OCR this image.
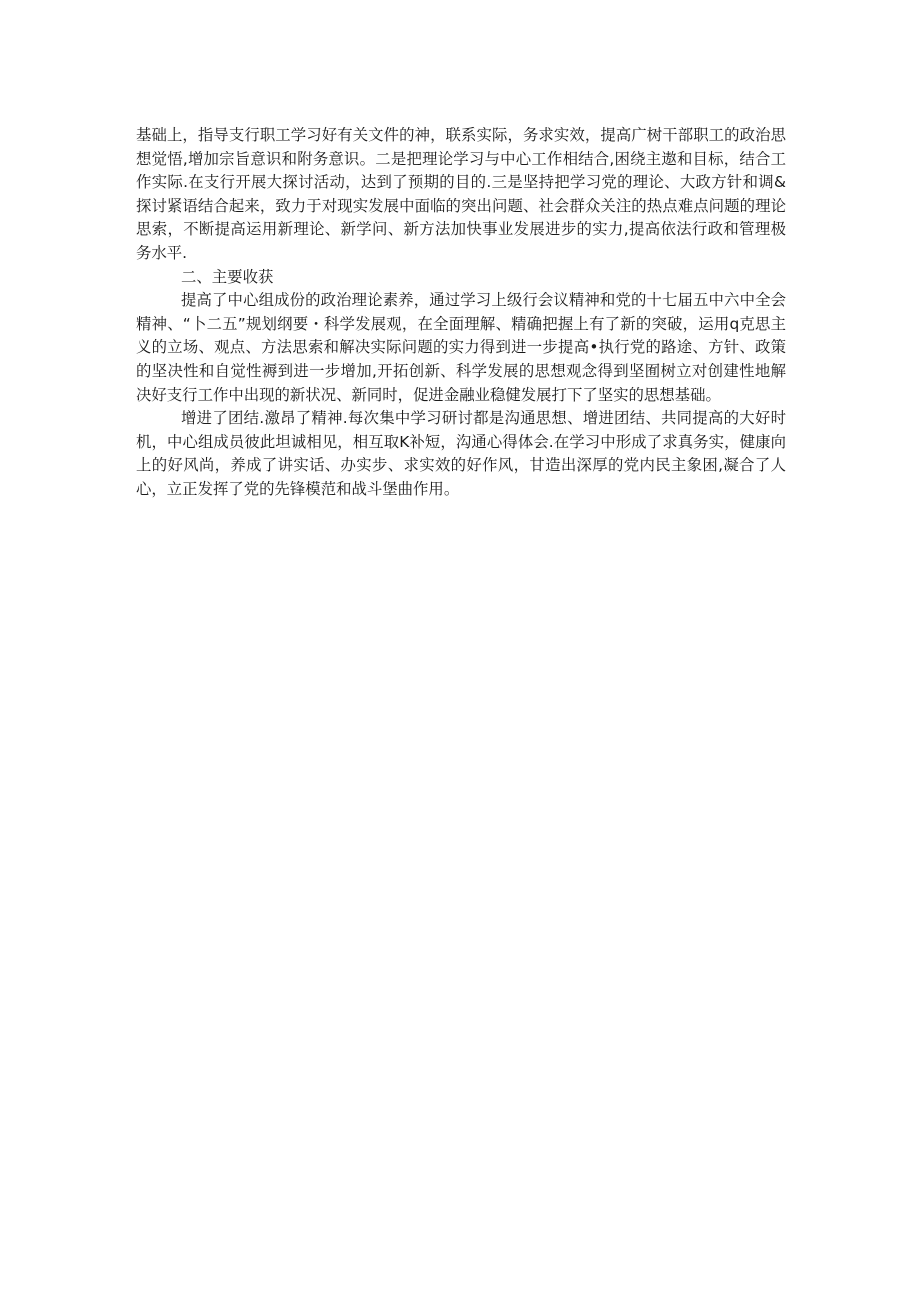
基础上，指导支行职工学习好有关文件的神，联系实际，务求实效，提高广树干部职工的政治思想觉悟,增加宗旨意识和附务意识。二是把理论学习与中心工作相结合,困绕主遨和目标，结合工作实际.在支行开展大探讨活动，达到了预期的目的.三是坚持把学习党的理论、大政方针和调&探讨紧语结合起来，致力于对现实发展中面临的突出问题、社会群众关注的热点难点问题的理论思索，不断提高运用新理论、新学问、新方法加快事业发展进步的实力,提高依法行政和管理极务水平.

二、主要收获

提高了中心组成份的政治理论素养，通过学习上级行会议精神和党的十七届五中六中全会精神、“卜二五”规划纲要・科学发展观，在全面理解、精确把握上有了新的突破，运用q克思主义的立场、观点、方法思索和解决实际问题的实力得到进一步提高•执行党的路途、方针、政策的坚决性和自觉性褥到进一步增加,开拓创新、科学发展的思想观念得到坚囿树立对创建性地解决好支行工作中出现的新状况、新同时，促进金融业稳健发展打下了坚实的思想基础。

增进了团结.激昂了精神.每次集中学习研讨都是沟通思想、增进团结、共同提高的大好时机，中心组成员彼此坦诚相见，相互取K补短，沟通心得体会.在学习中形成了求真务实，健康向上的好风尚，养成了讲实话、办实步、求实效的好作风，甘造出深厚的党内民主象困,凝合了人心，立正发挥了党的先锋模范和战斗堡曲作用。
